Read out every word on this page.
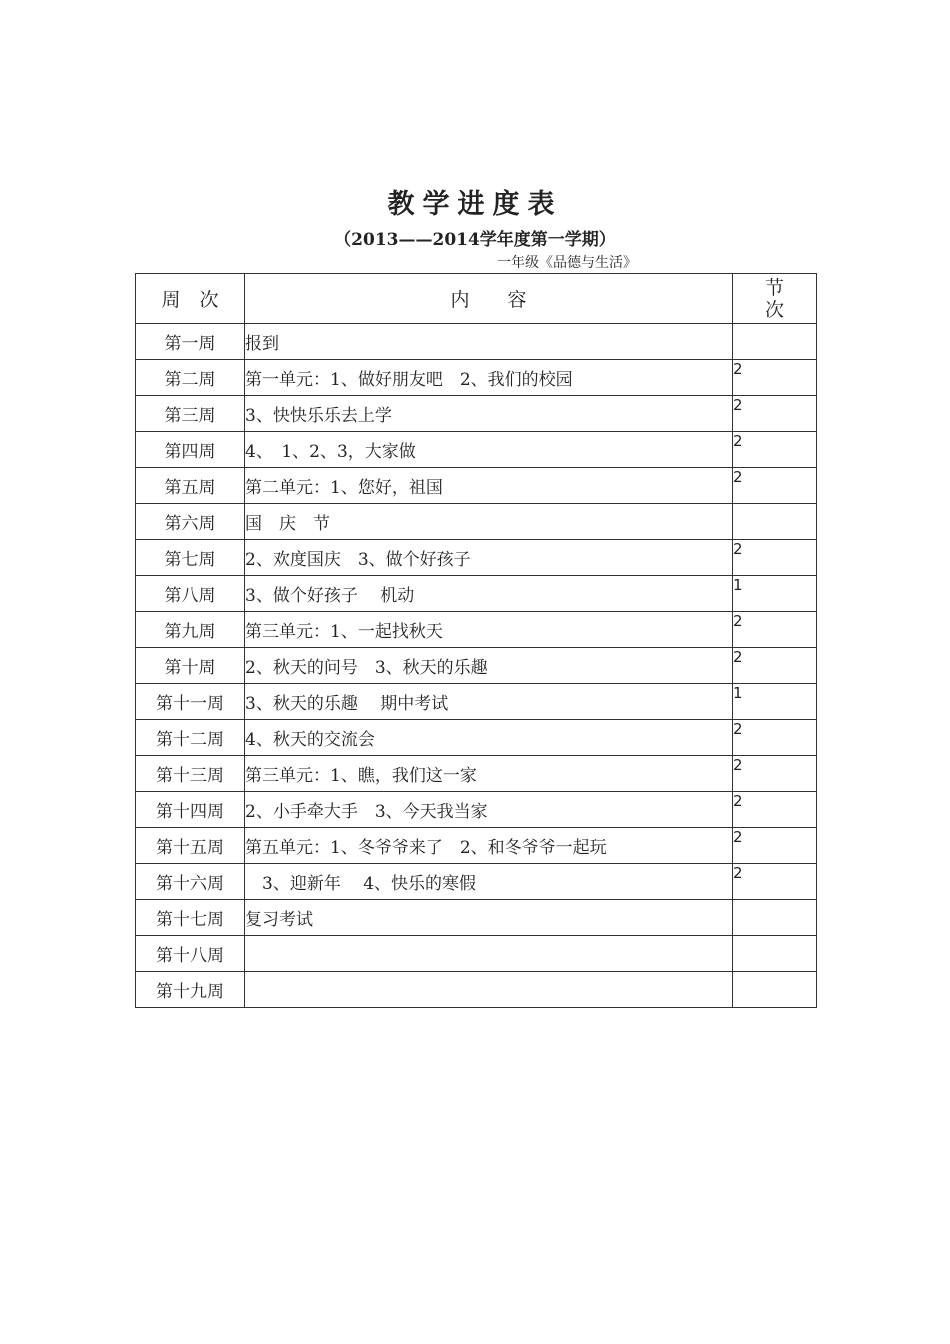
教学进度表
（2013——2014学年度第一学期）
一年级《品德与生活》
周　次	内　　容	节
次
第一周	报到	
第二周	第一单元：1、做好朋友吧　2、我们的校园	2
第三周	3、快快乐乐去上学	2
第四周	4、　1、2、3，大家做	2
第五周	第二单元：1、您好，祖国	2
第六周	国　庆　节	
第七周	2、欢度国庆　3、做个好孩子	2
第八周	3、做个好孩子　 机动	1
第九周	第三单元：1、一起找秋天	2
第十周	2、秋天的问号　3、秋天的乐趣	2
第十一周	3、秋天的乐趣　 期中考试	1
第十二周	4、秋天的交流会	2
第十三周	第三单元：1、瞧，我们这一家	2
第十四周	2、小手牵大手　3、今天我当家	2
第十五周	第五单元：1、冬爷爷来了　2、和冬爷爷一起玩	2
第十六周	　3、迎新年　 4、快乐的寒假	2
第十七周	复习考试	
第十八周		
第十九周		
